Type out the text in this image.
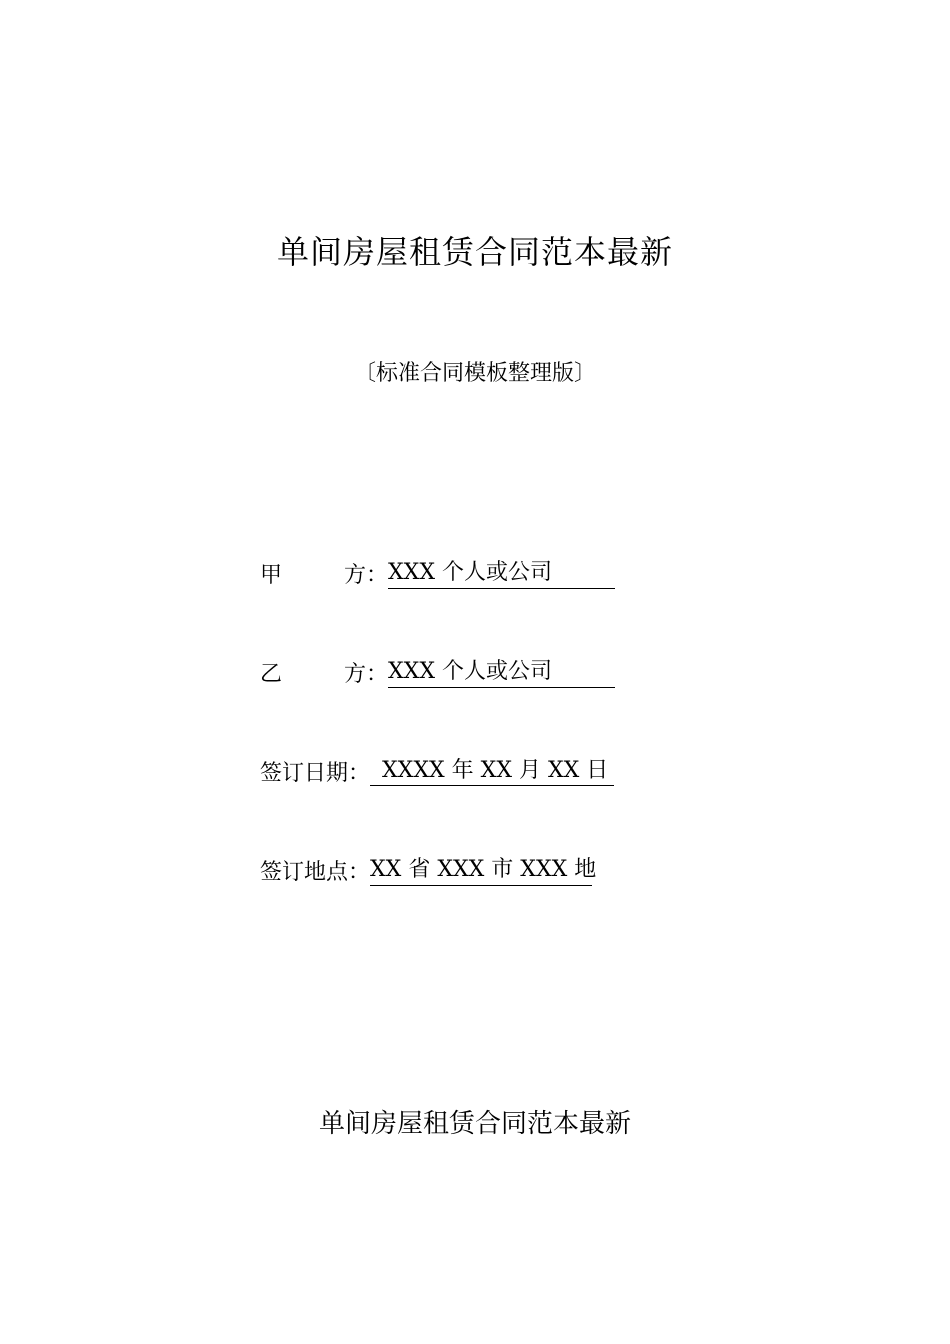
单间房屋租赁合同范本最新
〔标准合同模板整理版〕
甲	方： XXX 个人或公司
乙	方： XXX 个人或公司
签订日期： XXXX 年 XX 月 XX 日
签订地点：XX 省 XXX 市 XXX 地
单间房屋租赁合同范本最新
